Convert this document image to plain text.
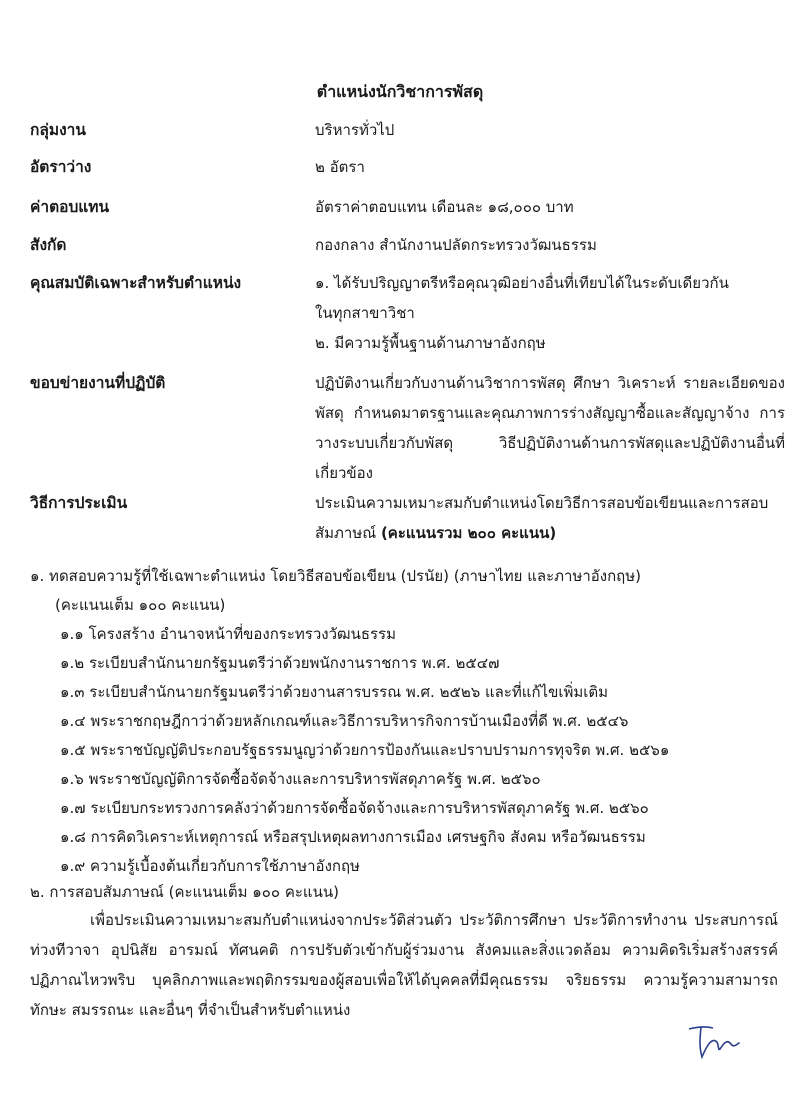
ตำแหน่งนักวิชาการพัสดุ
กลุ่มงาน	บริหารทั่วไป
อัตราว่าง	๒ อัตรา
ค่าตอบแทน	อัตราค่าตอบแทน เดือนละ ๑๘,๐๐๐ บาท
สังกัด	กองกลาง สำนักงานปลัดกระทรวงวัฒนธรรม
คุณสมบัติเฉพาะสำหรับตำแหน่ง	๑. ได้รับปริญญาตรีหรือคุณวุฒิอย่างอื่นที่เทียบได้ในระดับเดียวกัน
ในทุกสาขาวิชา
๒. มีความรู้พื้นฐานด้านภาษาอังกฤษ
ขอบข่ายงานที่ปฏิบัติ	ปฏิบัติงานเกี่ยวกับงานด้านวิชาการพัสดุ ศึกษา วิเคราะห์ รายละเอียดของพัสดุ กำหนดมาตรฐานและคุณภาพการร่างสัญญาซื้อและสัญญาจ้าง การวางระบบเกี่ยวกับพัสดุ วิธีปฏิบัติงานด้านการพัสดุและปฏิบัติงานอื่นที่เกี่ยวข้อง
วิธีการประเมิน	ประเมินความเหมาะสมกับตำแหน่งโดยวิธีการสอบข้อเขียนและการสอบสัมภาษณ์ (คะแนนรวม ๒๐๐ คะแนน)
๑. ทดสอบความรู้ที่ใช้เฉพาะตำแหน่ง โดยวิธีสอบข้อเขียน (ปรนัย) (ภาษาไทย และภาษาอังกฤษ)
(คะแนนเต็ม ๑๐๐ คะแนน)
๑.๑ โครงสร้าง อำนาจหน้าที่ของกระทรวงวัฒนธรรม
๑.๒ ระเบียบสำนักนายกรัฐมนตรีว่าด้วยพนักงานราชการ พ.ศ. ๒๕๔๗
๑.๓ ระเบียบสำนักนายกรัฐมนตรีว่าด้วยงานสารบรรณ พ.ศ. ๒๕๒๖ และที่แก้ไขเพิ่มเติม
๑.๔ พระราชกฤษฎีกาว่าด้วยหลักเกณฑ์และวิธีการบริหารกิจการบ้านเมืองที่ดี พ.ศ. ๒๕๔๖
๑.๕ พระราชบัญญัติประกอบรัฐธรรมนูญว่าด้วยการป้องกันและปราบปรามการทุจริต พ.ศ. ๒๕๖๑
๑.๖ พระราชบัญญัติการจัดซื้อจัดจ้างและการบริหารพัสดุภาครัฐ พ.ศ. ๒๕๖๐
๑.๗ ระเบียบกระทรวงการคลังว่าด้วยการจัดซื้อจัดจ้างและการบริหารพัสดุภาครัฐ พ.ศ. ๒๕๖๐
๑.๘ การคิดวิเคราะห์เหตุการณ์ หรือสรุปเหตุผลทางการเมือง เศรษฐกิจ สังคม หรือวัฒนธรรม
๑.๙ ความรู้เบื้องต้นเกี่ยวกับการใช้ภาษาอังกฤษ
๒. การสอบสัมภาษณ์ (คะแนนเต็ม ๑๐๐ คะแนน)
เพื่อประเมินความเหมาะสมกับตำแหน่งจากประวัติส่วนตัว ประวัติการศึกษา ประวัติการทำงาน ประสบการณ์ ท่วงทีวาจา อุปนิสัย อารมณ์ ทัศนคติ การปรับตัวเข้ากับผู้ร่วมงาน สังคมและสิ่งแวดล้อม ความคิดริเริ่มสร้างสรรค์ ปฏิภาณไหวพริบ บุคลิกภาพและพฤติกรรมของผู้สอบเพื่อให้ได้บุคคลที่มีคุณธรรม จริยธรรม ความรู้ความสามารถ ทักษะ สมรรถนะ และอื่นๆ ที่จำเป็นสำหรับตำแหน่ง
